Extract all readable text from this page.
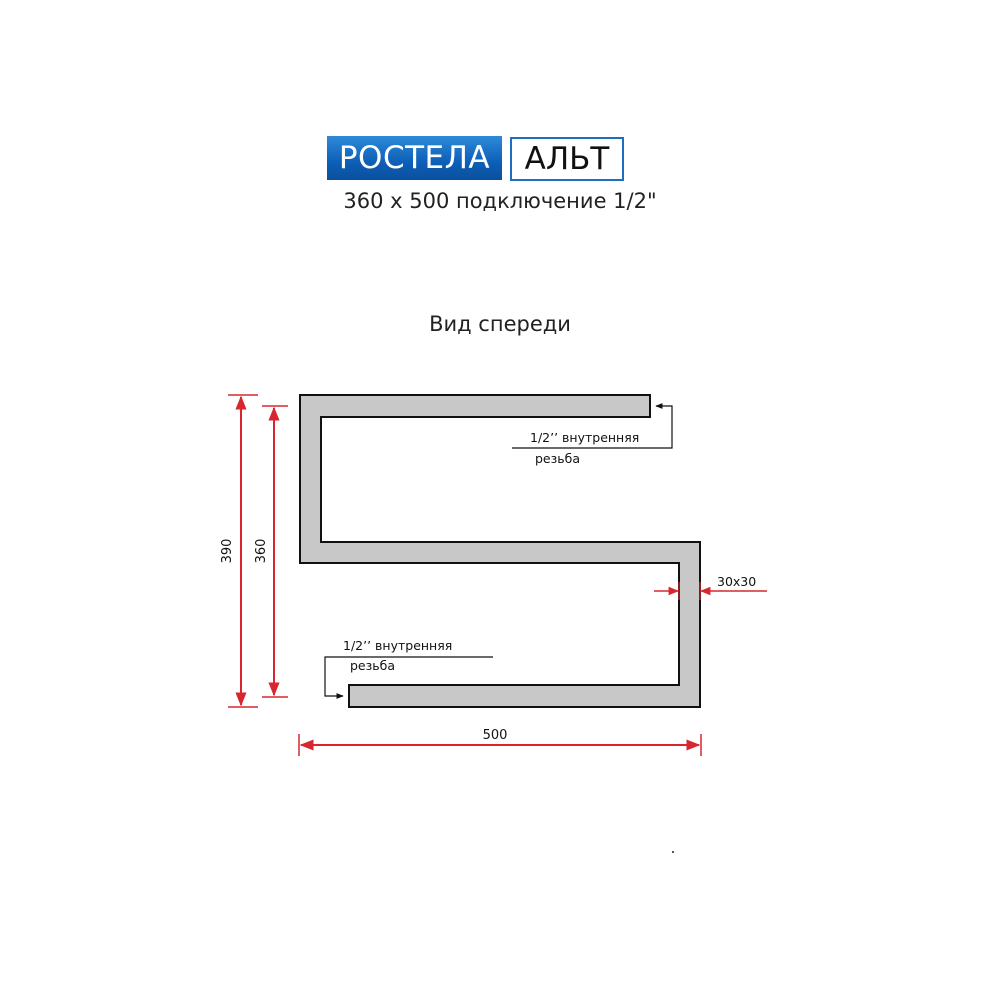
РОСТЕЛА	АЛЬТ
360 x 500 подключение 1/2"
Вид спереди
390 360
500
30x30
1/2’’ внутренняя
резьба
1/2’’ внутренняя
резьба
